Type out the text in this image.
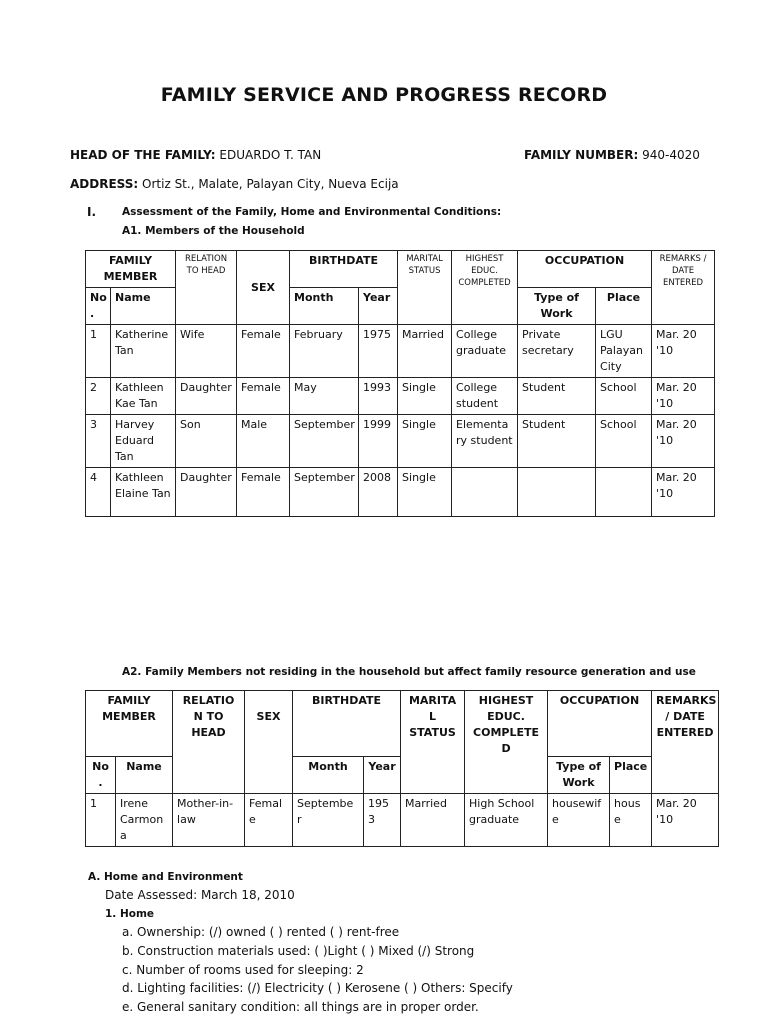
FAMILY SERVICE AND PROGRESS RECORD
HEAD OF THE FAMILY: EDUARDO T. TAN	FAMILY NUMBER: 940-4020
ADDRESS: Ortiz St., Malate, Palayan City, Nueva Ecija
I. Assessment of the Family, Home and Environmental Conditions:
A1. Members of the Household
FAMILY MEMBER		RELATION TO HEAD	SEX	BIRTHDATE		MARITAL STATUS	HIGHEST EDUC. COMPLETED	OCCUPATION		REMARKS / DATE ENTERED
No .	Name			Month	Year			Type of Work	Place	
1	Katherine Tan	Wife	Female	February	1975	Married	College graduate	Private secretary	LGU Palayan City	Mar. 20 '10
2	Kathleen Kae Tan	Daughter	Female	May	1993	Single	College student	Student	School	Mar. 20 '10
3	Harvey Eduard Tan	Son	Male	September	1999	Single	Elementa ry student	Student	School	Mar. 20 '10
4	Kathleen Elaine Tan	Daughter	Female	September	2008	Single				Mar. 20 '10
A2. Family Members not residing in the household but affect family resource generation and use
FAMILY MEMBER		RELATIO N TO HEAD	SEX	BIRTHDATE		MARITA L STATUS	HIGHEST EDUC. COMPLETE D	OCCUPATION		REMARKS / DATE ENTERED
No .	Name			Month	Year			Type of Work	Place	
1	Irene Carmon a	Mother-in-law	Femal e	Septembe r	195 3	Married	High School graduate	housewif e	hous e	Mar. 20 '10
A. Home and Environment
Date Assessed: March 18, 2010
1. Home
a. Ownership: (/) owned ( ) rented ( ) rent-free
b. Construction materials used: ( )Light ( ) Mixed (/) Strong
c. Number of rooms used for sleeping: 2
d. Lighting facilities: (/) Electricity ( ) Kerosene ( ) Others: Specify
e. General sanitary condition: all things are in proper order.
